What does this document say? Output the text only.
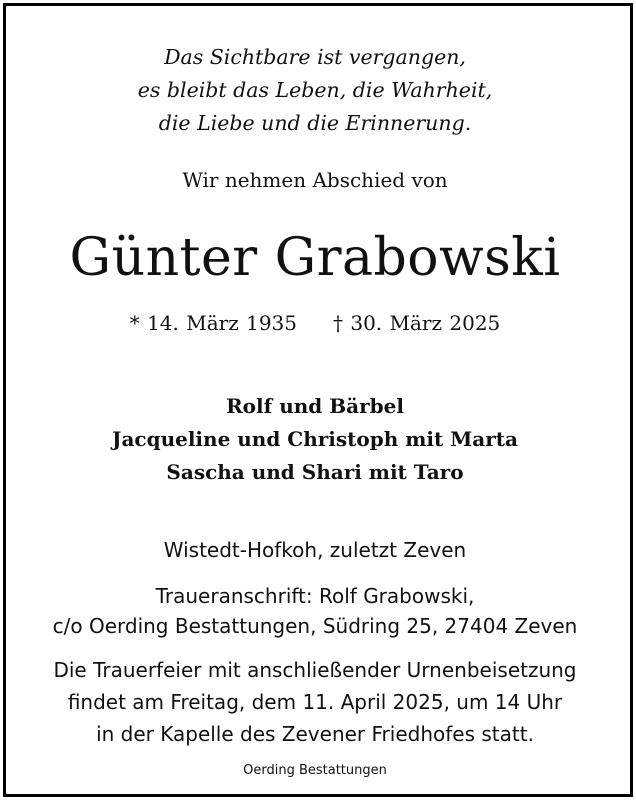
Das Sichtbare ist vergangen,
es bleibt das Leben, die Wahrheit,
die Liebe und die Erinnerung.
Wir nehmen Abschied von
Günter Grabowski
* 14. März 1935 † 30. März 2025
Rolf und Bärbel
Jacqueline und Christoph mit Marta
Sascha und Shari mit Taro
Wistedt-Hofkoh, zuletzt Zeven
Traueranschrift: Rolf Grabowski,
c/o Oerding Bestattungen, Südring 25, 27404 Zeven
Die Trauerfeier mit anschließender Urnenbeisetzung
findet am Freitag, dem 11. April 2025, um 14 Uhr
in der Kapelle des Zevener Friedhofes statt.
Oerding Bestattungen
